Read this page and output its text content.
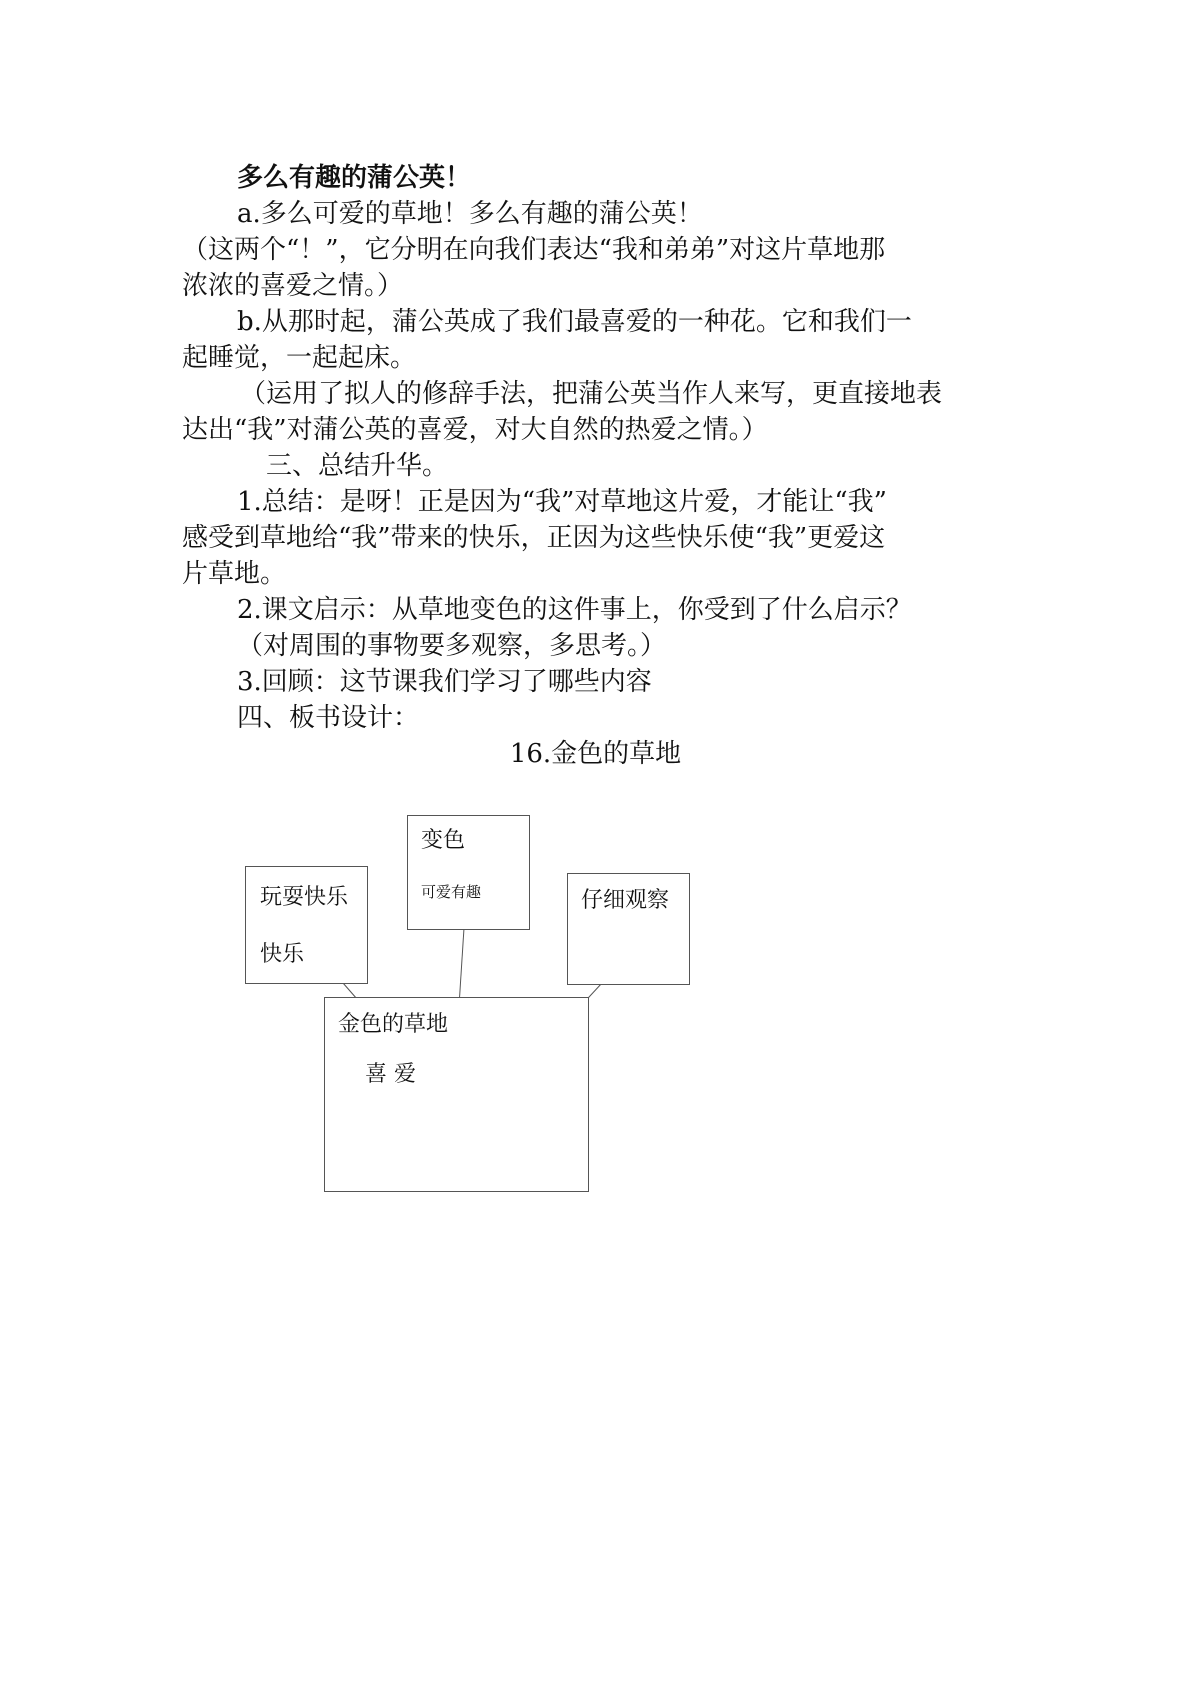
多么有趣的蒲公英！
a.多么可爱的草地！多么有趣的蒲公英！
（这两个“！”，它分明在向我们表达“我和弟弟”对这片草地那
浓浓的喜爱之情。）
b.从那时起，蒲公英成了我们最喜爱的一种花。它和我们一
起睡觉，一起起床。
（运用了拟人的修辞手法，把蒲公英当作人来写，更直接地表
达出“我”对蒲公英的喜爱，对大自然的热爱之情。）
三、总结升华。
1.总结：是呀！正是因为“我”对草地这片爱，才能让“我”
感受到草地给“我”带来的快乐，正因为这些快乐使“我”更爱这
片草地。
2.课文启示：从草地变色的这件事上，你受到了什么启示？
（对周围的事物要多观察，多思考。）
3.回顾：这节课我们学习了哪些内容
四、板书设计：
16.金色的草地
玩耍快乐
快乐
变色
可爱有趣	仔细观察
金色的草地
喜 爱
